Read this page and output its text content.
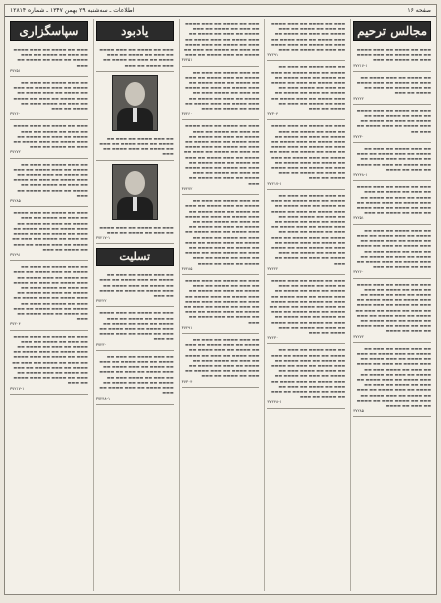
صفحه ۱۶
اطلاعات ـ سه‌شنبه ۲۹ بهمن ۱۳۴۷ ـ شماره ۱۲۸۱۴
مجالس ترحیم
▬▬▬ ▬▬ ▬▬▬▬ ▬▬ ▬▬▬ ▬▬▬▬ ▬▬ ▬▬▬ ▬▬▬▬ ▬▬ ▬▬▬ ▬▬▬▬ ▬▬▬ ▬▬ ▬▬▬▬ ▬▬ ▬▬▬
۳۷۲۱۷-۱
▬▬ ▬▬▬▬ ▬▬ ▬▬▬ ▬▬▬▬ ▬▬ ▬▬▬ ▬▬ ▬▬▬▬ ▬▬ ▬▬▬ ▬▬▬▬ ▬▬ ▬▬▬ ▬▬▬▬ ▬▬ ▬▬▬ ▬▬ ▬▬▬▬ ▬▬ ▬▬▬
۳۷۲۲۲
▬▬▬ ▬▬ ▬▬▬▬ ▬▬ ▬▬▬ ▬▬▬▬ ▬▬ ▬▬▬ ▬▬ ▬▬▬▬ ▬▬▬ ▬▬ ▬▬▬▬ ▬▬ ▬▬▬ ▬▬ ▬▬▬▬ ▬▬ ▬▬▬ ▬▬▬▬ ▬▬ ▬▬▬ ▬▬▬▬ ▬▬ ▬▬▬ ▬▬
۳۷۲۳۰
▬▬ ▬▬▬ ▬▬▬▬ ▬▬ ▬▬▬ ▬▬ ▬▬▬▬ ▬▬ ▬▬▬ ▬▬▬▬ ▬▬ ▬▬▬ ▬▬ ▬▬▬▬ ▬▬ ▬▬▬ ▬▬▬▬ ▬▬ ▬▬▬ ▬▬▬▬ ▬▬ ▬▬▬ ▬▬ ▬▬▬▬ ▬▬ ▬▬▬ ▬▬ ▬▬▬▬
۳۷۲۴۸-۱
▬▬▬ ▬▬ ▬▬▬▬ ▬▬ ▬▬▬ ▬▬▬▬ ▬▬ ▬▬▬ ▬▬ ▬▬▬▬ ▬▬ ▬▬▬ ▬▬▬▬ ▬▬ ▬▬▬ ▬▬ ▬▬▬▬ ▬▬ ▬▬▬ ▬▬▬▬ ▬▬ ▬▬▬ ▬▬▬▬ ▬▬ ▬▬▬ ▬▬ ▬▬▬▬ ▬▬ ▬▬▬ ▬▬▬▬ ▬▬ ▬▬▬ ▬▬ ▬▬▬▬ ▬▬ ▬▬▬
۳۷۲۵۱
▬▬ ▬▬▬ ▬▬▬▬ ▬▬ ▬▬▬ ▬▬ ▬▬▬▬ ▬▬ ▬▬▬ ▬▬▬▬ ▬▬ ▬▬▬ ▬▬ ▬▬▬▬ ▬▬ ▬▬▬ ▬▬▬▬ ▬▬ ▬▬▬ ▬▬▬▬ ▬▬ ▬▬▬ ▬▬ ▬▬▬▬ ▬▬ ▬▬▬ ▬▬ ▬▬▬▬ ▬▬▬ ▬▬ ▬▬▬▬ ▬▬ ▬▬▬ ▬▬ ▬▬▬▬ ▬▬ ▬▬▬ ▬▬▬▬ ▬▬ ▬▬▬ ▬▬▬▬ ▬▬ ▬▬▬ ▬▬ ▬▬▬▬ ▬▬ ▬▬▬
۳۷۲۶۰
▬▬▬ ▬▬ ▬▬▬▬ ▬▬ ▬▬▬ ▬▬▬▬ ▬▬ ▬▬▬ ▬▬ ▬▬▬▬ ▬▬ ▬▬▬ ▬▬▬▬ ▬▬ ▬▬▬ ▬▬ ▬▬▬▬ ▬▬ ▬▬▬ ▬▬▬▬ ▬▬ ▬▬▬ ▬▬▬▬ ▬▬ ▬▬▬ ▬▬ ▬▬▬▬ ▬▬ ▬▬▬ ▬▬▬▬ ▬▬ ▬▬▬ ▬▬ ▬▬▬▬ ▬▬ ▬▬▬ ▬▬ ▬▬▬▬ ▬▬ ▬▬▬ ▬▬▬▬ ▬▬ ▬▬▬ ▬▬ ▬▬▬▬ ▬▬ ▬▬▬ ▬▬▬▬ ▬▬ ▬▬▬ ▬▬ ▬▬▬▬ ▬▬ ▬▬▬ ▬▬▬▬ ▬▬ ▬▬▬ ▬▬ ▬▬▬▬
۳۷۲۷۲
▬▬ ▬▬▬ ▬▬▬▬ ▬▬ ▬▬▬ ▬▬ ▬▬▬▬ ▬▬ ▬▬▬ ▬▬▬▬ ▬▬ ▬▬▬ ▬▬ ▬▬▬▬ ▬▬ ▬▬▬ ▬▬▬▬ ▬▬ ▬▬▬ ▬▬▬▬ ▬▬ ▬▬▬ ▬▬ ▬▬▬▬ ▬▬ ▬▬▬ ▬▬ ▬▬▬▬ ▬▬▬ ▬▬ ▬▬▬▬ ▬▬ ▬▬▬ ▬▬ ▬▬▬▬ ▬▬ ▬▬▬ ▬▬▬▬ ▬▬ ▬▬▬ ▬▬▬▬ ▬▬ ▬▬▬ ▬▬ ▬▬▬▬ ▬▬ ▬▬▬ ▬▬ ▬▬▬▬ ▬▬ ▬▬▬ ▬▬▬▬ ▬▬ ▬▬▬ ▬▬ ▬▬▬▬ ▬▬ ▬▬▬ ▬▬▬▬ ▬▬ ▬▬▬ ▬▬ ▬▬▬▬ ▬▬▬ ▬▬ ▬▬▬▬ ▬▬ ▬▬▬ ▬▬ ▬▬▬▬
۳۷۲۸۵
▬▬▬ ▬▬ ▬▬▬▬ ▬▬ ▬▬▬ ▬▬▬▬ ▬▬ ▬▬▬ ▬▬ ▬▬▬▬ ▬▬ ▬▬▬ ▬▬▬▬ ▬▬ ▬▬▬ ▬▬ ▬▬▬▬ ▬▬ ▬▬▬ ▬▬▬▬ ▬▬ ▬▬▬ ▬▬▬▬ ▬▬ ▬▬▬ ▬▬ ▬▬▬▬ ▬▬ ▬▬▬ ▬▬▬▬ ▬▬ ▬▬▬ ▬▬ ▬▬▬▬ ▬▬ ▬▬▬
۳۷۲۹۱
▬▬ ▬▬▬ ▬▬▬▬ ▬▬ ▬▬▬ ▬▬ ▬▬▬▬ ▬▬ ▬▬▬ ▬▬▬▬ ▬▬ ▬▬▬ ▬▬ ▬▬▬▬ ▬▬ ▬▬▬ ▬▬▬▬ ▬▬ ▬▬▬ ▬▬▬▬ ▬▬ ▬▬▬ ▬▬ ▬▬▬▬ ▬▬ ▬▬▬ ▬▬ ▬▬▬▬ ▬▬▬ ▬▬ ▬▬▬▬ ▬▬ ▬▬▬ ▬▬ ▬▬▬▬ ▬▬ ▬▬▬ ▬▬▬▬ ▬▬ ▬▬▬ ▬▬▬▬ ▬▬ ▬▬▬ ▬▬ ▬▬▬▬ ▬▬ ▬▬▬ ▬▬ ▬▬▬▬ ▬▬ ▬▬▬
۳۷۳۰۴
▬▬▬ ▬▬ ▬▬▬▬ ▬▬ ▬▬▬ ▬▬▬▬ ▬▬ ▬▬▬ ▬▬ ▬▬▬▬ ▬▬ ▬▬▬ ▬▬▬▬ ▬▬ ▬▬▬ ▬▬ ▬▬▬▬ ▬▬ ▬▬▬ ▬▬▬▬ ▬▬ ▬▬▬ ▬▬▬▬ ▬▬ ▬▬▬ ▬▬ ▬▬▬▬ ▬▬ ▬▬▬ ▬▬▬▬ ▬▬ ▬▬▬ ▬▬ ▬▬▬▬ ▬▬ ▬▬▬ ▬▬ ▬▬▬▬ ▬▬ ▬▬▬ ▬▬▬▬ ▬▬ ▬▬▬ ▬▬ ▬▬▬▬ ▬▬ ▬▬▬ ▬▬▬▬ ▬▬ ▬▬▬ ▬▬ ▬▬▬▬ ▬▬ ▬▬▬ ▬▬▬▬ ▬▬ ▬▬▬ ▬▬ ▬▬▬▬ ▬▬ ▬▬▬ ▬▬▬▬ ▬▬ ▬▬▬
۳۷۲۱۷-۱
▬▬ ▬▬▬ ▬▬▬▬ ▬▬ ▬▬▬ ▬▬ ▬▬▬▬ ▬▬ ▬▬▬ ▬▬▬▬ ▬▬ ▬▬▬ ▬▬ ▬▬▬▬ ▬▬ ▬▬▬ ▬▬▬▬ ▬▬ ▬▬▬ ▬▬▬▬ ▬▬ ▬▬▬ ▬▬ ▬▬▬▬ ▬▬ ▬▬▬ ▬▬ ▬▬▬▬ ▬▬▬ ▬▬ ▬▬▬▬ ▬▬ ▬▬▬ ▬▬ ▬▬▬▬ ▬▬ ▬▬▬ ▬▬▬▬ ▬▬ ▬▬▬ ▬▬▬▬ ▬▬ ▬▬▬ ▬▬ ▬▬▬▬ ▬▬ ▬▬▬ ▬▬ ▬▬▬▬ ▬▬ ▬▬▬ ▬▬▬▬ ▬▬ ▬▬▬ ▬▬ ▬▬▬▬ ▬▬ ▬▬▬ ▬▬▬▬ ▬▬ ▬▬▬ ▬▬ ▬▬▬▬ ▬▬▬ ▬▬ ▬▬▬▬ ▬▬ ▬▬▬ ▬▬ ▬▬▬▬ ▬▬ ▬▬▬ ▬▬▬▬ ▬▬ ▬▬▬ ▬▬ ▬▬▬▬ ▬▬ ▬▬▬
۳۷۲۲۲
▬▬▬ ▬▬ ▬▬▬▬ ▬▬ ▬▬▬ ▬▬▬▬ ▬▬ ▬▬▬ ▬▬ ▬▬▬▬ ▬▬ ▬▬▬ ▬▬▬▬ ▬▬ ▬▬▬ ▬▬ ▬▬▬▬ ▬▬ ▬▬▬ ▬▬▬▬ ▬▬ ▬▬▬ ▬▬▬▬ ▬▬ ▬▬▬ ▬▬ ▬▬▬▬ ▬▬ ▬▬▬ ▬▬▬▬ ▬▬ ▬▬▬ ▬▬ ▬▬▬▬ ▬▬ ▬▬▬ ▬▬ ▬▬▬▬ ▬▬ ▬▬▬ ▬▬▬▬ ▬▬ ▬▬▬ ▬▬ ▬▬▬▬ ▬▬ ▬▬▬ ▬▬▬▬ ▬▬ ▬▬▬ ▬▬ ▬▬▬▬ ▬▬ ▬▬▬ ▬▬▬▬ ▬▬ ▬▬▬ ▬▬ ▬▬▬▬ ▬▬ ▬▬▬ ▬▬▬▬ ▬▬ ▬▬▬
۳۷۲۳۰
▬▬ ▬▬▬ ▬▬▬▬ ▬▬ ▬▬▬ ▬▬ ▬▬▬▬ ▬▬ ▬▬▬ ▬▬▬▬ ▬▬ ▬▬▬ ▬▬ ▬▬▬▬ ▬▬ ▬▬▬ ▬▬▬▬ ▬▬ ▬▬▬ ▬▬▬▬ ▬▬ ▬▬▬ ▬▬ ▬▬▬▬ ▬▬ ▬▬▬ ▬▬ ▬▬▬▬ ▬▬▬ ▬▬ ▬▬▬▬ ▬▬ ▬▬▬ ▬▬ ▬▬▬▬ ▬▬ ▬▬▬ ▬▬▬▬ ▬▬ ▬▬▬ ▬▬▬▬ ▬▬ ▬▬▬ ▬▬ ▬▬▬▬ ▬▬ ▬▬▬ ▬▬ ▬▬▬▬ ▬▬ ▬▬▬ ▬▬▬▬ ▬▬ ▬▬▬ ▬▬ ▬▬▬▬ ▬▬ ▬▬▬
۳۷۲۴۸-۱
▬▬▬ ▬▬ ▬▬▬▬ ▬▬ ▬▬▬ ▬▬▬▬ ▬▬ ▬▬▬ ▬▬ ▬▬▬▬ ▬▬ ▬▬▬ ▬▬▬▬ ▬▬ ▬▬▬ ▬▬ ▬▬▬▬ ▬▬ ▬▬▬ ▬▬▬▬ ▬▬ ▬▬▬ ▬▬▬▬ ▬▬ ▬▬▬ ▬▬ ▬▬▬▬ ▬▬ ▬▬▬ ▬▬▬▬ ▬▬ ▬▬▬ ▬▬ ▬▬▬▬ ▬▬ ▬▬▬ ▬▬ ▬▬▬▬ ▬▬ ▬▬▬ ▬▬▬▬ ▬▬ ▬▬▬
۳۷۲۵۱
▬▬ ▬▬▬ ▬▬▬▬ ▬▬ ▬▬▬ ▬▬ ▬▬▬▬ ▬▬ ▬▬▬ ▬▬▬▬ ▬▬ ▬▬▬ ▬▬ ▬▬▬▬ ▬▬ ▬▬▬ ▬▬▬▬ ▬▬ ▬▬▬ ▬▬▬▬ ▬▬ ▬▬▬ ▬▬ ▬▬▬▬ ▬▬ ▬▬▬ ▬▬ ▬▬▬▬ ▬▬▬ ▬▬ ▬▬▬▬ ▬▬ ▬▬▬ ▬▬ ▬▬▬▬ ▬▬ ▬▬▬ ▬▬▬▬ ▬▬ ▬▬▬ ▬▬▬▬ ▬▬ ▬▬▬ ▬▬ ▬▬▬▬ ▬▬ ▬▬▬
۳۷۲۶۰
▬▬▬ ▬▬ ▬▬▬▬ ▬▬ ▬▬▬ ▬▬▬▬ ▬▬ ▬▬▬ ▬▬ ▬▬▬▬ ▬▬ ▬▬▬ ▬▬▬▬ ▬▬ ▬▬▬ ▬▬ ▬▬▬▬ ▬▬ ▬▬▬ ▬▬▬▬ ▬▬ ▬▬▬ ▬▬▬▬ ▬▬ ▬▬▬ ▬▬ ▬▬▬▬ ▬▬ ▬▬▬ ▬▬▬▬ ▬▬ ▬▬▬ ▬▬ ▬▬▬▬ ▬▬ ▬▬▬ ▬▬ ▬▬▬▬ ▬▬ ▬▬▬ ▬▬▬▬ ▬▬ ▬▬▬ ▬▬ ▬▬▬▬ ▬▬ ▬▬▬ ▬▬▬▬ ▬▬ ▬▬▬ ▬▬ ▬▬▬▬ ▬▬ ▬▬▬ ▬▬▬▬ ▬▬ ▬▬▬ ▬▬ ▬▬▬▬ ▬▬ ▬▬▬ ▬▬▬▬ ▬▬ ▬▬▬ ▬▬ ▬▬▬▬ ▬▬ ▬▬▬
۳۷۲۷۲
▬▬ ▬▬▬ ▬▬▬▬ ▬▬ ▬▬▬ ▬▬ ▬▬▬▬ ▬▬ ▬▬▬ ▬▬▬▬ ▬▬ ▬▬▬ ▬▬ ▬▬▬▬ ▬▬ ▬▬▬ ▬▬▬▬ ▬▬ ▬▬▬ ▬▬▬▬ ▬▬ ▬▬▬ ▬▬ ▬▬▬▬ ▬▬ ▬▬▬ ▬▬ ▬▬▬▬ ▬▬▬ ▬▬ ▬▬▬▬ ▬▬ ▬▬▬ ▬▬ ▬▬▬▬ ▬▬ ▬▬▬ ▬▬▬▬ ▬▬ ▬▬▬ ▬▬▬▬ ▬▬ ▬▬▬ ▬▬ ▬▬▬▬ ▬▬ ▬▬▬ ▬▬ ▬▬▬▬ ▬▬ ▬▬▬ ▬▬▬▬ ▬▬ ▬▬▬ ▬▬ ▬▬▬▬ ▬▬ ▬▬▬ ▬▬▬▬ ▬▬ ▬▬▬ ▬▬ ▬▬▬▬ ▬▬▬ ▬▬ ▬▬▬▬ ▬▬ ▬▬▬ ▬▬ ▬▬▬▬ ▬▬ ▬▬▬ ▬▬▬▬ ▬▬ ▬▬▬ ▬▬ ▬▬▬▬
۳۷۲۸۵
▬▬▬ ▬▬ ▬▬▬▬ ▬▬ ▬▬▬ ▬▬▬▬ ▬▬ ▬▬▬ ▬▬ ▬▬▬▬ ▬▬ ▬▬▬ ▬▬▬▬ ▬▬ ▬▬▬ ▬▬ ▬▬▬▬ ▬▬ ▬▬▬ ▬▬▬▬ ▬▬ ▬▬▬ ▬▬▬▬ ▬▬ ▬▬▬ ▬▬ ▬▬▬▬ ▬▬ ▬▬▬ ▬▬▬▬ ▬▬ ▬▬▬ ▬▬ ▬▬▬▬ ▬▬ ▬▬▬ ▬▬ ▬▬▬▬ ▬▬ ▬▬▬ ▬▬▬▬ ▬▬ ▬▬▬ ▬▬ ▬▬▬▬ ▬▬ ▬▬▬ ▬▬▬▬ ▬▬ ▬▬▬
۳۷۲۹۱
▬▬ ▬▬▬ ▬▬▬▬ ▬▬ ▬▬▬ ▬▬ ▬▬▬▬ ▬▬ ▬▬▬ ▬▬▬▬ ▬▬ ▬▬▬ ▬▬ ▬▬▬▬ ▬▬ ▬▬▬ ▬▬▬▬ ▬▬ ▬▬▬ ▬▬▬▬ ▬▬ ▬▬▬ ▬▬ ▬▬▬▬ ▬▬ ▬▬▬ ▬▬ ▬▬▬▬ ▬▬▬ ▬▬ ▬▬▬▬ ▬▬ ▬▬▬ ▬▬ ▬▬▬▬ ▬▬ ▬▬▬ ▬▬▬▬ ▬▬ ▬▬▬ ▬▬▬▬ ▬▬ ▬▬▬ ▬▬ ▬▬▬▬ ▬▬ ▬▬▬
۳۷۳۰۴
یادبود
▬▬▬ ▬▬ ▬▬▬▬ ▬▬ ▬▬▬ ▬▬▬▬ ▬▬ ▬▬▬ ▬▬ ▬▬▬▬ ▬▬ ▬▬▬ ▬▬▬▬ ▬▬ ▬▬▬ ▬▬ ▬▬▬▬ ▬▬ ▬▬▬ ▬▬▬▬ ▬▬ ▬▬▬
▬▬ ▬▬▬ ▬▬▬▬ ▬▬ ▬▬▬ ▬▬ ▬▬▬▬ ▬▬ ▬▬▬ ▬▬▬▬ ▬▬ ▬▬▬ ▬▬ ▬▬▬▬ ▬▬ ▬▬▬ ▬▬▬▬ ▬▬ ▬▬▬
▬▬▬ ▬▬ ▬▬▬▬ ▬▬ ▬▬▬ ▬▬▬▬ ▬▬ ▬▬▬ ▬▬ ▬▬▬▬ ▬▬ ▬▬▬
۳۷۲۱۷-۱
تسلیت
▬▬ ▬▬▬ ▬▬▬▬ ▬▬ ▬▬▬ ▬▬ ▬▬▬▬ ▬▬ ▬▬▬ ▬▬▬▬ ▬▬ ▬▬▬ ▬▬ ▬▬▬▬ ▬▬ ▬▬▬ ▬▬▬▬ ▬▬ ▬▬▬ ▬▬▬▬ ▬▬ ▬▬▬ ▬▬ ▬▬▬▬ ▬▬ ▬▬▬
۳۷۲۲۲
▬▬▬ ▬▬ ▬▬▬▬ ▬▬ ▬▬▬ ▬▬▬▬ ▬▬ ▬▬▬ ▬▬ ▬▬▬▬ ▬▬ ▬▬▬ ▬▬▬▬ ▬▬ ▬▬▬ ▬▬ ▬▬▬▬ ▬▬ ▬▬▬ ▬▬▬▬ ▬▬ ▬▬▬ ▬▬▬▬ ▬▬ ▬▬▬ ▬▬ ▬▬▬▬ ▬▬ ▬▬▬ ▬▬▬▬ ▬▬ ▬▬▬
۳۷۲۳۰
▬▬ ▬▬▬ ▬▬▬▬ ▬▬ ▬▬▬ ▬▬ ▬▬▬▬ ▬▬ ▬▬▬ ▬▬▬▬ ▬▬ ▬▬▬ ▬▬ ▬▬▬▬ ▬▬ ▬▬▬ ▬▬▬▬ ▬▬ ▬▬▬ ▬▬▬▬ ▬▬ ▬▬▬ ▬▬ ▬▬▬▬ ▬▬ ▬▬▬ ▬▬ ▬▬▬▬ ▬▬▬ ▬▬ ▬▬▬▬ ▬▬ ▬▬▬ ▬▬ ▬▬▬▬ ▬▬ ▬▬▬ ▬▬▬▬ ▬▬ ▬▬▬ ▬▬▬▬ ▬▬ ▬▬▬
۳۷۲۴۸-۱
سپاسگزاری
▬▬▬ ▬▬ ▬▬▬▬ ▬▬ ▬▬▬ ▬▬▬▬ ▬▬ ▬▬▬ ▬▬ ▬▬▬▬ ▬▬ ▬▬▬ ▬▬▬▬ ▬▬ ▬▬▬ ▬▬ ▬▬▬▬ ▬▬ ▬▬▬
۳۷۲۵۱
▬▬ ▬▬▬ ▬▬▬▬ ▬▬ ▬▬▬ ▬▬ ▬▬▬▬ ▬▬ ▬▬▬ ▬▬▬▬ ▬▬ ▬▬▬ ▬▬ ▬▬▬▬ ▬▬ ▬▬▬ ▬▬▬▬ ▬▬ ▬▬▬ ▬▬▬▬ ▬▬ ▬▬▬ ▬▬ ▬▬▬▬ ▬▬ ▬▬▬ ▬▬ ▬▬▬▬ ▬▬▬ ▬▬ ▬▬▬▬ ▬▬ ▬▬▬
۳۷۲۶۰
▬▬▬ ▬▬ ▬▬▬▬ ▬▬ ▬▬▬ ▬▬▬▬ ▬▬ ▬▬▬ ▬▬ ▬▬▬▬ ▬▬ ▬▬▬ ▬▬▬▬ ▬▬ ▬▬▬ ▬▬ ▬▬▬▬ ▬▬ ▬▬▬ ▬▬▬▬ ▬▬ ▬▬▬ ▬▬▬▬ ▬▬ ▬▬▬ ▬▬ ▬▬▬▬ ▬▬ ▬▬▬
۳۷۲۷۲
▬▬ ▬▬▬ ▬▬▬▬ ▬▬ ▬▬▬ ▬▬ ▬▬▬▬ ▬▬ ▬▬▬ ▬▬▬▬ ▬▬ ▬▬▬ ▬▬ ▬▬▬▬ ▬▬ ▬▬▬ ▬▬▬▬ ▬▬ ▬▬▬ ▬▬▬▬ ▬▬ ▬▬▬ ▬▬ ▬▬▬▬ ▬▬ ▬▬▬ ▬▬ ▬▬▬▬ ▬▬▬ ▬▬ ▬▬▬▬ ▬▬ ▬▬▬ ▬▬ ▬▬▬▬ ▬▬ ▬▬▬
۳۷۲۸۵
▬▬▬ ▬▬ ▬▬▬▬ ▬▬ ▬▬▬ ▬▬▬▬ ▬▬ ▬▬▬ ▬▬ ▬▬▬▬ ▬▬ ▬▬▬ ▬▬▬▬ ▬▬ ▬▬▬ ▬▬ ▬▬▬▬ ▬▬ ▬▬▬ ▬▬▬▬ ▬▬ ▬▬▬ ▬▬▬▬ ▬▬ ▬▬▬ ▬▬ ▬▬▬▬ ▬▬ ▬▬▬ ▬▬▬▬ ▬▬ ▬▬▬ ▬▬ ▬▬▬▬ ▬▬ ▬▬▬ ▬▬ ▬▬▬▬ ▬▬ ▬▬▬ ▬▬▬▬ ▬▬ ▬▬▬ ▬▬ ▬▬▬▬ ▬▬ ▬▬▬
۳۷۲۹۱
▬▬ ▬▬▬ ▬▬▬▬ ▬▬ ▬▬▬ ▬▬ ▬▬▬▬ ▬▬ ▬▬▬ ▬▬▬▬ ▬▬ ▬▬▬ ▬▬ ▬▬▬▬ ▬▬ ▬▬▬ ▬▬▬▬ ▬▬ ▬▬▬ ▬▬▬▬ ▬▬ ▬▬▬ ▬▬ ▬▬▬▬ ▬▬ ▬▬▬ ▬▬ ▬▬▬▬ ▬▬▬ ▬▬ ▬▬▬▬ ▬▬ ▬▬▬ ▬▬ ▬▬▬▬ ▬▬ ▬▬▬ ▬▬▬▬ ▬▬ ▬▬▬ ▬▬▬▬ ▬▬ ▬▬▬ ▬▬ ▬▬▬▬ ▬▬ ▬▬▬ ▬▬ ▬▬▬▬ ▬▬ ▬▬▬ ▬▬▬▬ ▬▬ ▬▬▬ ▬▬ ▬▬▬▬ ▬▬ ▬▬▬ ▬▬▬▬ ▬▬ ▬▬▬
۳۷۳۰۴
▬▬▬ ▬▬ ▬▬▬▬ ▬▬ ▬▬▬ ▬▬▬▬ ▬▬ ▬▬▬ ▬▬ ▬▬▬▬ ▬▬ ▬▬▬ ▬▬▬▬ ▬▬ ▬▬▬ ▬▬ ▬▬▬▬ ▬▬ ▬▬▬ ▬▬▬▬ ▬▬ ▬▬▬ ▬▬▬▬ ▬▬ ▬▬▬ ▬▬ ▬▬▬▬ ▬▬ ▬▬▬ ▬▬▬▬ ▬▬ ▬▬▬ ▬▬ ▬▬▬▬ ▬▬ ▬▬▬ ▬▬ ▬▬▬▬ ▬▬ ▬▬▬ ▬▬▬▬ ▬▬ ▬▬▬ ▬▬ ▬▬▬▬ ▬▬ ▬▬▬ ▬▬▬▬ ▬▬ ▬▬▬ ▬▬ ▬▬▬▬ ▬▬ ▬▬▬ ▬▬▬▬ ▬▬ ▬▬▬
۳۷۲۱۷-۱
